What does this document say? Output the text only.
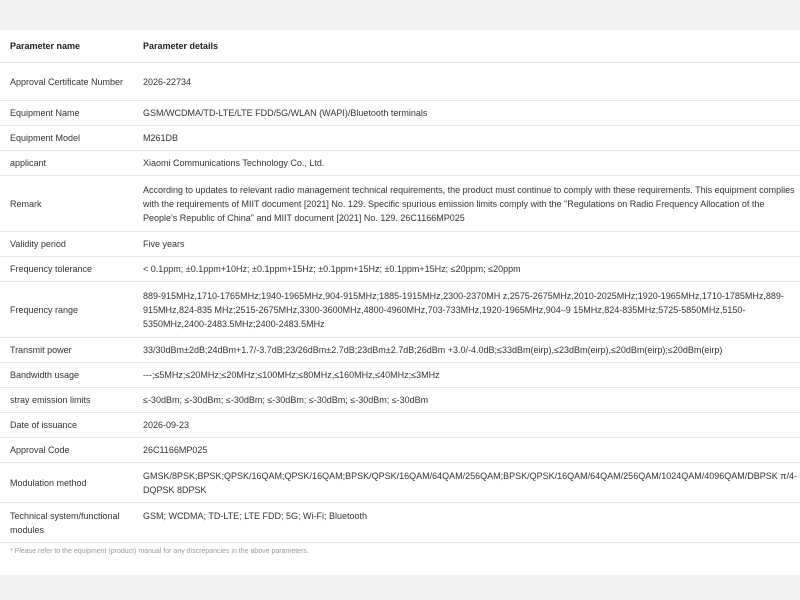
Parameter name	Parameter details
Approval Certificate Number	2026-22734
Equipment Name	GSM/WCDMA/TD-LTE/LTE FDD/5G/WLAN (WAPI)/Bluetooth terminals
Equipment Model	M261DB
applicant	Xiaomi Communications Technology Co., Ltd.
Remark	According to updates to relevant radio management technical requirements, the product must continue to comply with these requirements. This equipment complies with the requirements of MIIT document [2021] No. 129. Specific spurious emission limits comply with the "Regulations on Radio Frequency Allocation of the People's Republic of China" and MIIT document [2021] No. 129. 26C1166MP025
Validity period	Five years
Frequency tolerance	< 0.1ppm; ±0.1ppm+10Hz; ±0.1ppm+15Hz; ±0.1ppm+15Hz; ±0.1ppm+15Hz; ≤20ppm; ≤20ppm
Frequency range	889-915MHz,1710-1765MHz;1940-1965MHz,904-915MHz;1885-1915MHz,2300-2370MH z,2575-2675MHz,2010-2025MHz;1920-1965MHz,1710-1785MHz,889-915MHz,824-835 MHz;2515-2675MHz,3300-3600MHz,4800-4960MHz,703-733MHz,1920-1965MHz,904–9 15MHz,824-835MHz;5725-5850MHz,5150-5350MHz,2400-2483.5MHz;2400-2483.5MHz
Transmit power	33/30dBm±2dB;24dBm+1.7/-3.7dB;23/26dBm±2.7dB;23dBm±2.7dB;26dBm +3.0/-4.0dB;≤33dBm(eirp),≤23dBm(eirp),≤20dBm(eirp);≤20dBm(eirp)
Bandwidth usage	---;≤5MHz;≤20MHz;≤20MHz;≤100MHz;≤80MHz,≤160MHz,≤40MHz;≤3MHz
stray emission limits	≤-30dBm; ≤-30dBm; ≤-30dBm; ≤-30dBm; ≤-30dBm; ≤-30dBm; ≤-30dBm
Date of issuance	2026-09-23
Approval Code	26C1166MP025
Modulation method	GMSK/8PSK;BPSK;QPSK/16QAM;QPSK/16QAM;BPSK/QPSK/16QAM/64QAM/256QAM;BPSK/QPSK/16QAM/64QAM/256QAM/1024QAM/4096QAM/DBPSK π/4-DQPSK 8DPSK
Technical system/functional modules	GSM; WCDMA; TD-LTE; LTE FDD; 5G; Wi-Fi; Bluetooth
* Please refer to the equipment (product) manual for any discrepancies in the above parameters.
